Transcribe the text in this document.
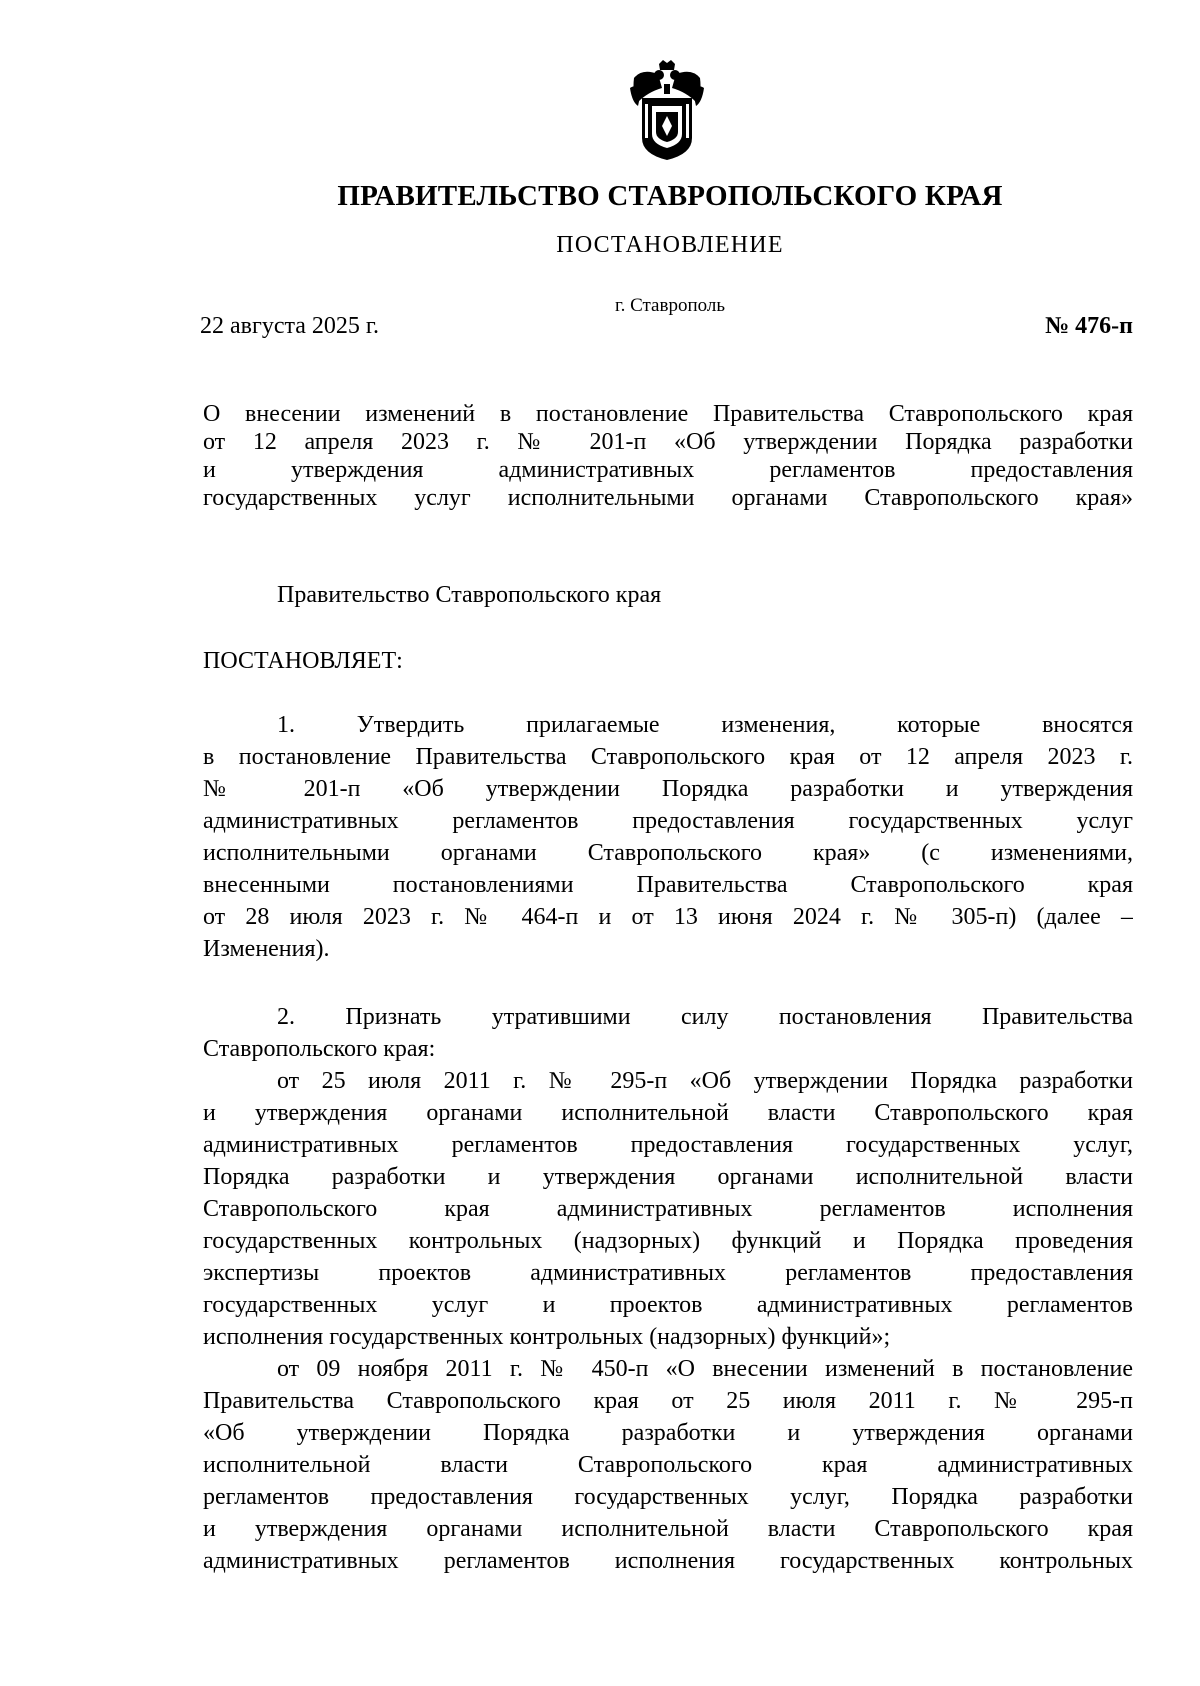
ПРАВИТЕЛЬСТВО СТАВРОПОЛЬСКОГО КРАЯ
ПОСТАНОВЛЕНИЕ
г. Ставрополь
22 августа 2025 г.	№ 476-п
О внесении изменений в постановление Правительства Ставропольского края
от 12 апреля 2023 г. № 201-п «Об утверждении Порядка разработки
и утверждения административных регламентов предоставления
государственных услуг исполнительными органами Ставропольского края»
Правительство Ставропольского края
ПОСТАНОВЛЯЕТ:
1. Утвердить прилагаемые изменения, которые вносятся
в постановление Правительства Ставропольского края от 12 апреля 2023 г.
№ 201-п «Об утверждении Порядка разработки и утверждения
административных регламентов предоставления государственных услуг
исполнительными органами Ставропольского края» (с изменениями,
внесенными постановлениями Правительства Ставропольского края
от 28 июля 2023 г. № 464-п и от 13 июня 2024 г. № 305-п) (далее –
Изменения).
2. Признать утратившими силу постановления Правительства
Ставропольского края:
от 25 июля 2011 г. № 295-п «Об утверждении Порядка разработки
и утверждения органами исполнительной власти Ставропольского края
административных регламентов предоставления государственных услуг,
Порядка разработки и утверждения органами исполнительной власти
Ставропольского края административных регламентов исполнения
государственных контрольных (надзорных) функций и Порядка проведения
экспертизы проектов административных регламентов предоставления
государственных услуг и проектов административных регламентов
исполнения государственных контрольных (надзорных) функций»;
от 09 ноября 2011 г. № 450-п «О внесении изменений в постановление
Правительства Ставропольского края от 25 июля 2011 г. № 295-п
«Об утверждении Порядка разработки и утверждения органами
исполнительной власти Ставропольского края административных
регламентов предоставления государственных услуг, Порядка разработки
и утверждения органами исполнительной власти Ставропольского края
административных регламентов исполнения государственных контрольных
